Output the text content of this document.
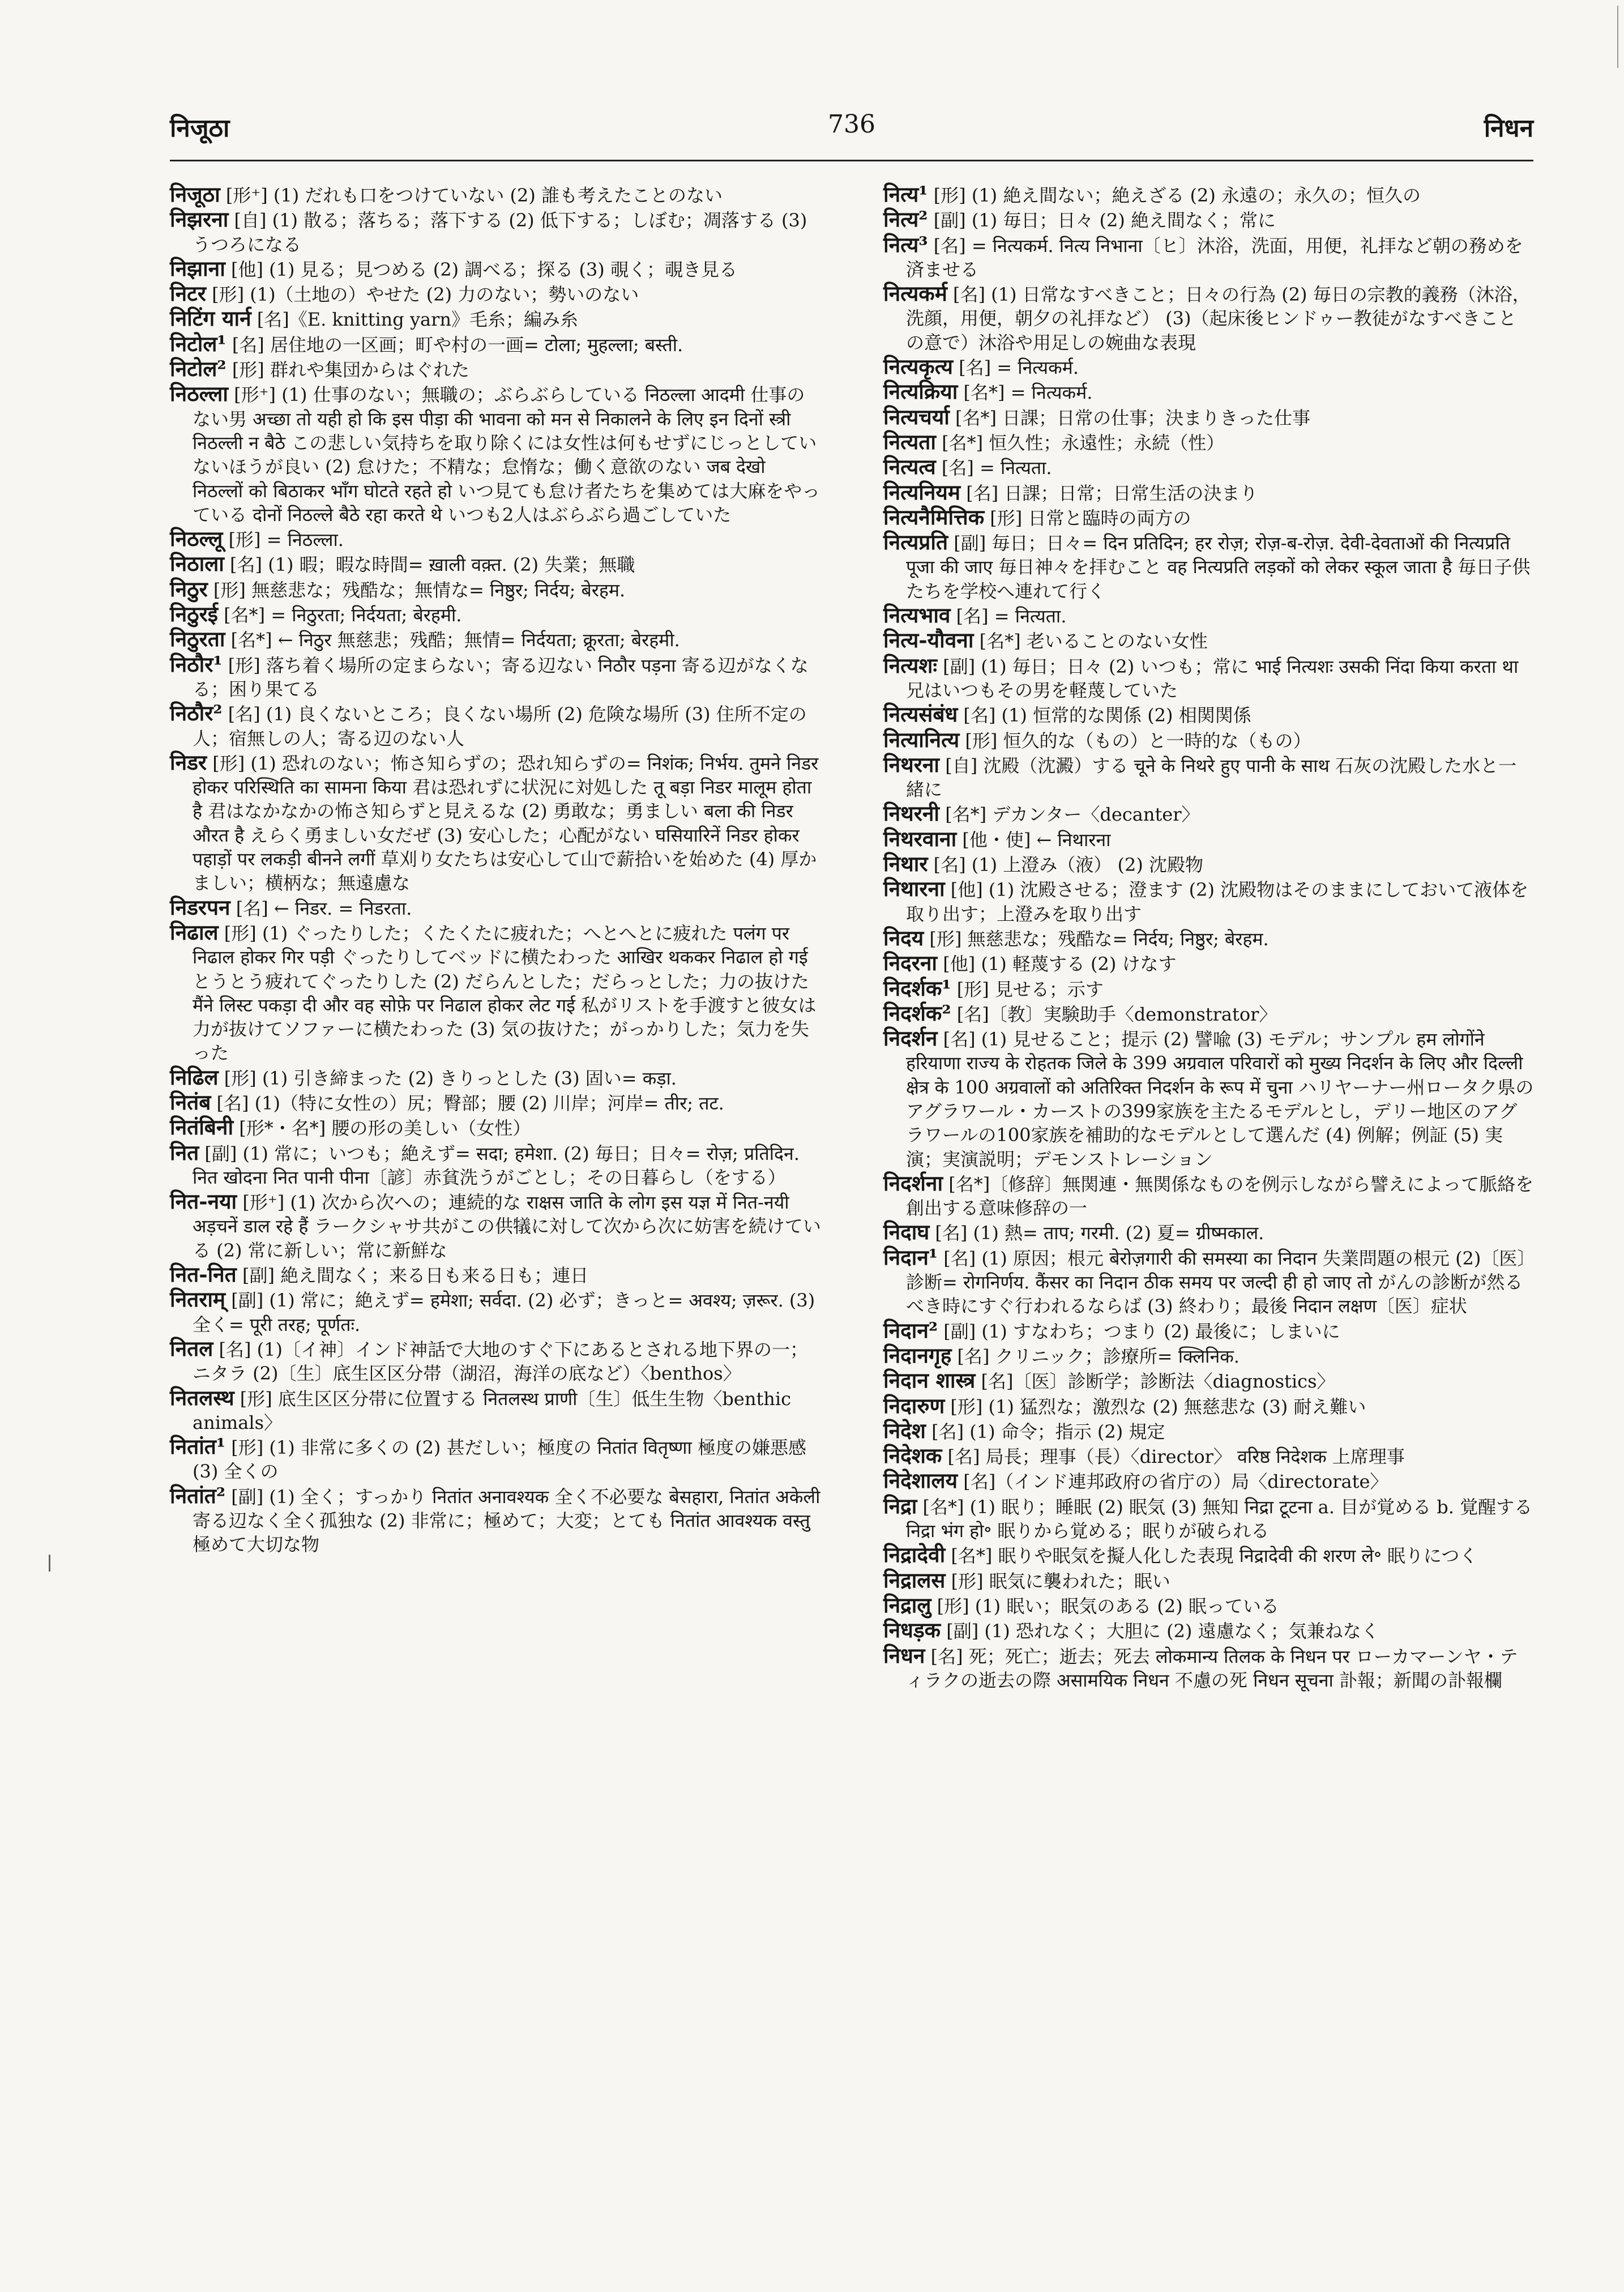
निजूठा	736	निधन
निजूठा [形⁺] (1) だれも口をつけていない (2) 誰も考えたことのない
निझरना [自] (1) 散る；落ちる；落下する (2) 低下する；しぼむ；凋落する (3) うつろになる
निझाना [他] (1) 見る；見つめる (2) 調べる；探る (3) 覗く；覗き見る
निटर [形] (1)（土地の）やせた (2) 力のない；勢いのない
निटिंग यार्न [名]《E. knitting yarn》毛糸；編み糸
निटोल¹ [名] 居住地の一区画；町や村の一画= टोला; मुहल्ला; बस्ती.
निटोल² [形] 群れや集団からはぐれた
निठल्ला [形⁺] (1) 仕事のない；無職の；ぶらぶらしている निठल्ला आदमी 仕事のない男 अच्छा तो यही हो कि इस पीड़ा की भावना को मन से निकालने के लिए इन दिनों स्त्री निठल्ली न बैठे この悲しい気持ちを取り除くには女性は何もせずにじっとしていないほうが良い (2) 怠けた；不精な；怠惰な；働く意欲のない जब देखो निठल्लों को बिठाकर भाँग घोटते रहते हो いつ見ても怠け者たちを集めては大麻をやっている दोनों निठल्ले बैठे रहा करते थे いつも2人はぶらぶら過ごしていた
निठल्लू [形] = निठल्ला.
निठाला [名] (1) 暇；暇な時間= ख़ाली वक़्त. (2) 失業；無職
निठुर [形] 無慈悲な；残酷な；無情な= निष्ठुर; निर्दय; बेरहम.
निठुरई [名*] = निठुरता; निर्दयता; बेरहमी.
निठुरता [名*] ← निठुर 無慈悲；残酷；無情= निर्दयता; क्रूरता; बेरहमी.
निठौर¹ [形] 落ち着く場所の定まらない；寄る辺ない निठौर पड़ना 寄る辺がなくなる；困り果てる
निठौर² [名] (1) 良くないところ；良くない場所 (2) 危険な場所 (3) 住所不定の人；宿無しの人；寄る辺のない人
निडर [形] (1) 恐れのない；怖さ知らずの；恐れ知らずの= निशंक; निर्भय. तुमने निडर होकर परिस्थिति का सामना किया 君は恐れずに状況に対処した तू बड़ा निडर मालूम होता है 君はなかなかの怖さ知らずと見えるな (2) 勇敢な；勇ましい बला की निडर औरत है えらく勇ましい女だぜ (3) 安心した；心配がない घसियारिनें निडर होकर पहाड़ों पर लकड़ी बीनने लगीं 草刈り女たちは安心して山で薪拾いを始めた (4) 厚かましい；横柄な；無遠慮な
निडरपन [名] ← निडर. = निडरता.
निढाल [形] (1) ぐったりした；くたくたに疲れた；へとへとに疲れた पलंग पर निढाल होकर गिर पड़ी ぐったりしてベッドに横たわった आखिर थककर निढाल हो गई とうとう疲れてぐったりした (2) だらんとした；だらっとした；力の抜けた मैंने लिस्ट पकड़ा दी और वह सोफ़े पर निढाल होकर लेट गई 私がリストを手渡すと彼女は力が抜けてソファーに横たわった (3) 気の抜けた；がっかりした；気力を失った
निढिल [形] (1) 引き締まった (2) きりっとした (3) 固い= कड़ा.
नितंब [名] (1)（特に女性の）尻；臀部；腰 (2) 川岸；河岸= तीर; तट.
नितंबिनी [形*・名*] 腰の形の美しい（女性）
नित [副] (1) 常に；いつも；絶えず= सदा; हमेशा. (2) 毎日；日々= रोज़; प्रतिदिन. नित खोदना नित पानी पीना〔諺〕赤貧洗うがごとし；その日暮らし（をする）
नित-नया [形⁺] (1) 次から次への；連続的な राक्षस जाति के लोग इस यज्ञ में नित-नयी अड़चनें डाल रहे हैं ラークシャサ共がこの供犠に対して次から次に妨害を続けている (2) 常に新しい；常に新鮮な
नित-नित [副] 絶え間なく；来る日も来る日も；連日
नितराम् [副] (1) 常に；絶えず= हमेशा; सर्वदा. (2) 必ず；きっと= अवश्य; ज़रूर. (3) 全く= पूरी तरह; पूर्णतः.
नितल [名] (1)〔イ神〕インド神話で大地のすぐ下にあるとされる地下界の一；ニタラ (2)〔生〕底生区区分帯（湖沼，海洋の底など）〈benthos〉
नितलस्थ [形] 底生区区分帯に位置する नितलस्थ प्राणी〔生〕低生生物〈benthic animals〉
नितांत¹ [形] (1) 非常に多くの (2) 甚だしい；極度の नितांत वितृष्णा 極度の嫌悪感 (3) 全くの
नितांत² [副] (1) 全く；すっかり नितांत अनावश्यक 全く不必要な बेसहारा, नितांत अकेली 寄る辺なく全く孤独な (2) 非常に；極めて；大変；とても नितांत आवश्यक वस्तु 極めて大切な物
नित्य¹ [形] (1) 絶え間ない；絶えざる (2) 永遠の；永久の；恒久の
नित्य² [副] (1) 毎日；日々 (2) 絶え間なく；常に
नित्य³ [名] = नित्यकर्म. नित्य निभाना〔ヒ〕沐浴，洗面，用便，礼拝など朝の務めを済ませる
नित्यकर्म [名] (1) 日常なすべきこと；日々の行為 (2) 毎日の宗教的義務（沐浴，洗顔，用便，朝夕の礼拝など） (3)（起床後ヒンドゥー教徒がなすべきことの意で）沐浴や用足しの婉曲な表現
नित्यकृत्य [名] = नित्यकर्म.
नित्यक्रिया [名*] = नित्यकर्म.
नित्यचर्या [名*] 日課；日常の仕事；決まりきった仕事
नित्यता [名*] 恒久性；永遠性；永続（性）
नित्यत्व [名] = नित्यता.
नित्यनियम [名] 日課；日常；日常生活の決まり
नित्यनैमित्तिक [形] 日常と臨時の両方の
नित्यप्रति [副] 毎日；日々= दिन प्रतिदिन; हर रोज़; रोज़-ब-रोज़. देवी-देवताओं की नित्यप्रति पूजा की जाए 毎日神々を拝むこと वह नित्यप्रति लड़कों को लेकर स्कूल जाता है 毎日子供たちを学校へ連れて行く
नित्यभाव [名] = नित्यता.
नित्य-यौवना [名*] 老いることのない女性
नित्यशः [副] (1) 毎日；日々 (2) いつも；常に भाई नित्यशः उसकी निंदा किया करता था 兄はいつもその男を軽蔑していた
नित्यसंबंध [名] (1) 恒常的な関係 (2) 相関関係
नित्यानित्य [形] 恒久的な（もの）と一時的な（もの）
निथरना [自] 沈殿（沈澱）する चूने के निथरे हुए पानी के साथ 石灰の沈殿した水と一緒に
निथरनी [名*] デカンター〈decanter〉
निथरवाना [他・使] ← निथारना
निथार [名] (1) 上澄み（液） (2) 沈殿物
निथारना [他] (1) 沈殿させる；澄ます (2) 沈殿物はそのままにしておいて液体を取り出す；上澄みを取り出す
निदय [形] 無慈悲な；残酷な= निर्दय; निष्ठुर; बेरहम.
निदरना [他] (1) 軽蔑する (2) けなす
निदर्शक¹ [形] 見せる；示す
निदर्शक² [名]〔教〕実験助手〈demonstrator〉
निदर्शन [名] (1) 見せること；提示 (2) 譬喩 (3) モデル；サンプル हम लोगोंने हरियाणा राज्य के रोहतक जिले के 399 अग्रवाल परिवारों को मुख्य निदर्शन के लिए और दिल्ली क्षेत्र के 100 अग्रवालों को अतिरिक्त निदर्शन के रूप में चुना ハリヤーナー州ロータク県のアグラワール・カーストの399家族を主たるモデルとし，デリー地区のアグラワールの100家族を補助的なモデルとして選んだ (4) 例解；例証 (5) 実演；実演説明；デモンストレーション
निदर्शना [名*]〔修辞〕無関連・無関係なものを例示しながら譬えによって脈絡を創出する意味修辞の一
निदाघ [名] (1) 熱= ताप; गरमी. (2) 夏= ग्रीष्मकाल.
निदान¹ [名] (1) 原因；根元 बेरोज़गारी की समस्या का निदान 失業問題の根元 (2)〔医〕診断= रोगनिर्णय. कैंसर का निदान ठीक समय पर जल्दी ही हो जाए तो がんの診断が然るべき時にすぐ行われるならば (3) 終わり；最後 निदान लक्षण〔医〕症状
निदान² [副] (1) すなわち；つまり (2) 最後に；しまいに
निदानगृह [名] クリニック；診療所= क्लिनिक.
निदान शास्त्र [名]〔医〕診断学；診断法〈diagnostics〉
निदारुण [形] (1) 猛烈な；激烈な (2) 無慈悲な (3) 耐え難い
निदेश [名] (1) 命令；指示 (2) 規定
निदेशक [名] 局長；理事（長）〈director〉 वरिष्ठ निदेशक 上席理事
निदेशालय [名]（インド連邦政府の省庁の）局〈directorate〉
निद्रा [名*] (1) 眠り；睡眠 (2) 眠気 (3) 無知 निद्रा टूटना a. 目が覚める b. 覚醒する निद्रा भंग हो॰ 眠りから覚める；眠りが破られる
निद्रादेवी [名*] 眠りや眠気を擬人化した表現 निद्रादेवी की शरण ले॰ 眠りにつく
निद्रालस [形] 眠気に襲われた；眠い
निद्रालु [形] (1) 眠い；眠気のある (2) 眠っている
निधड़क [副] (1) 恐れなく；大胆に (2) 遠慮なく；気兼ねなく
निधन [名] 死；死亡；逝去；死去 लोकमान्य तिलक के निधन पर ローカマーンヤ・ティラクの逝去の際 असामयिक निधन 不慮の死 निधन सूचना 訃報；新聞の訃報欄
